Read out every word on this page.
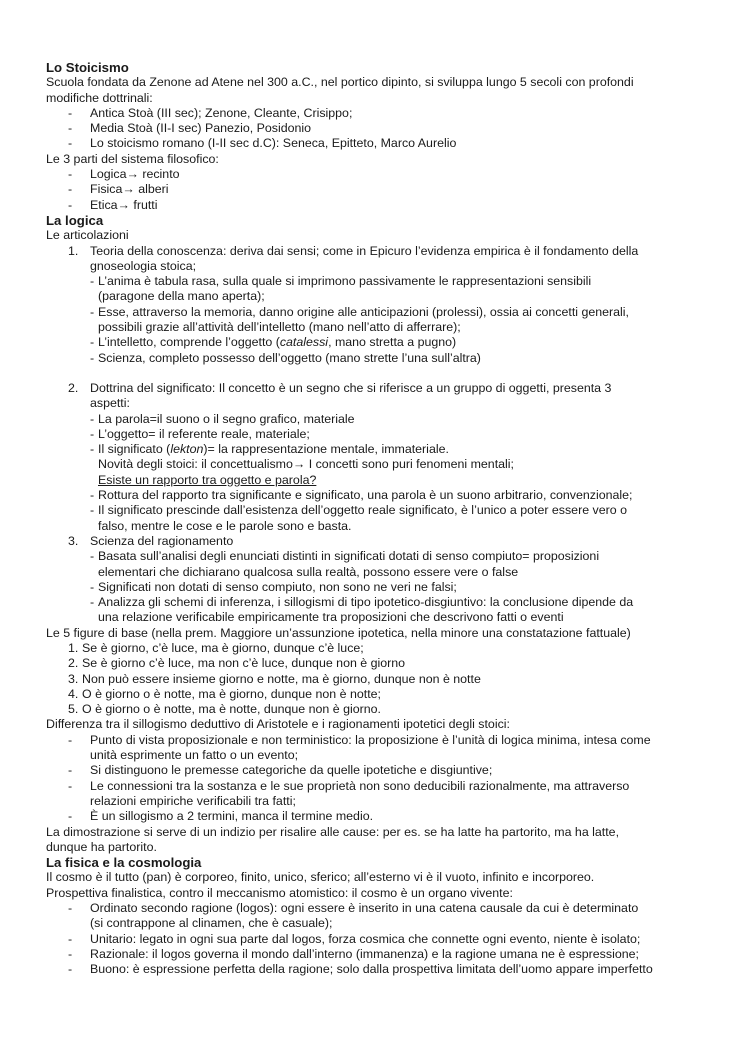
Lo Stoicismo
Scuola fondata da Zenone ad Atene nel 300 a.C., nel portico dipinto, si sviluppa lungo 5 secoli con profondi
modifiche dottrinali:
- Antica Stoà (III sec); Zenone, Cleante, Crisippo;
- Media Stoà (II-I sec) Panezio, Posidonio
- Lo stoicismo romano (I-II sec d.C): Seneca, Epitteto, Marco Aurelio
Le 3 parti del sistema filosofico:
- Logica→ recinto
- Fisica→ alberi
- Etica→ frutti
La logica
Le articolazioni
1. Teoria della conoscenza: deriva dai sensi; come in Epicuro l’evidenza empirica è il fondamento della
gnoseologia stoica;
- L’anima è tabula rasa, sulla quale si imprimono passivamente le rappresentazioni sensibili
(paragone della mano aperta);
- Esse, attraverso la memoria, danno origine alle anticipazioni (prolessi), ossia ai concetti generali,
possibili grazie all’attività dell’intelletto (mano nell’atto di afferrare);
- L’intelletto, comprende l’oggetto (catalessi, mano stretta a pugno)
- Scienza, completo possesso dell’oggetto (mano strette l’una sull’altra)
2. Dottrina del significato: Il concetto è un segno che si riferisce a un gruppo di oggetti, presenta 3
aspetti:
- La parola=il suono o il segno grafico, materiale
- L’oggetto= il referente reale, materiale;
- Il significato (lekton)= la rappresentazione mentale, immateriale.
Novità degli stoici: il concettualismo→ I concetti sono puri fenomeni mentali;
Esiste un rapporto tra oggetto e parola?
- Rottura del rapporto tra significante e significato, una parola è un suono arbitrario, convenzionale;
- Il significato prescinde dall’esistenza dell’oggetto reale significato, è l’unico a poter essere vero o
falso, mentre le cose e le parole sono e basta.
3. Scienza del ragionamento
- Basata sull’analisi degli enunciati distinti in significati dotati di senso compiuto= proposizioni
elementari che dichiarano qualcosa sulla realtà, possono essere vere o false
- Significati non dotati di senso compiuto, non sono ne veri ne falsi;
- Analizza gli schemi di inferenza, i sillogismi di tipo ipotetico-disgiuntivo: la conclusione dipende da
una relazione verificabile empiricamente tra proposizioni che descrivono fatti o eventi
Le 5 figure di base (nella prem. Maggiore un’assunzione ipotetica, nella minore una constatazione fattuale)
1. Se è giorno, c’è luce, ma è giorno, dunque c’è luce;
2. Se è giorno c’è luce, ma non c’è luce, dunque non è giorno
3. Non può essere insieme giorno e notte, ma è giorno, dunque non è notte
4. O è giorno o è notte, ma è giorno, dunque non è notte;
5. O è giorno o è notte, ma è notte, dunque non è giorno.
Differenza tra il sillogismo deduttivo di Aristotele e i ragionamenti ipotetici degli stoici:
- Punto di vista proposizionale e non terministico: la proposizione è l’unità di logica minima, intesa come
unità esprimente un fatto o un evento;
- Si distinguono le premesse categoriche da quelle ipotetiche e disgiuntive;
- Le connessioni tra la sostanza e le sue proprietà non sono deducibili razionalmente, ma attraverso
relazioni empiriche verificabili tra fatti;
- È un sillogismo a 2 termini, manca il termine medio.
La dimostrazione si serve di un indizio per risalire alle cause: per es. se ha latte ha partorito, ma ha latte,
dunque ha partorito.
La fisica e la cosmologia
Il cosmo è il tutto (pan) è corporeo, finito, unico, sferico; all’esterno vi è il vuoto, infinito e incorporeo.
Prospettiva finalistica, contro il meccanismo atomistico: il cosmo è un organo vivente:
- Ordinato secondo ragione (logos): ogni essere è inserito in una catena causale da cui è determinato
(si contrappone al clinamen, che è casuale);
- Unitario: legato in ogni sua parte dal logos, forza cosmica che connette ogni evento, niente è isolato;
- Razionale: il logos governa il mondo dall’interno (immanenza) e la ragione umana ne è espressione;
- Buono: è espressione perfetta della ragione; solo dalla prospettiva limitata dell’uomo appare imperfetto
